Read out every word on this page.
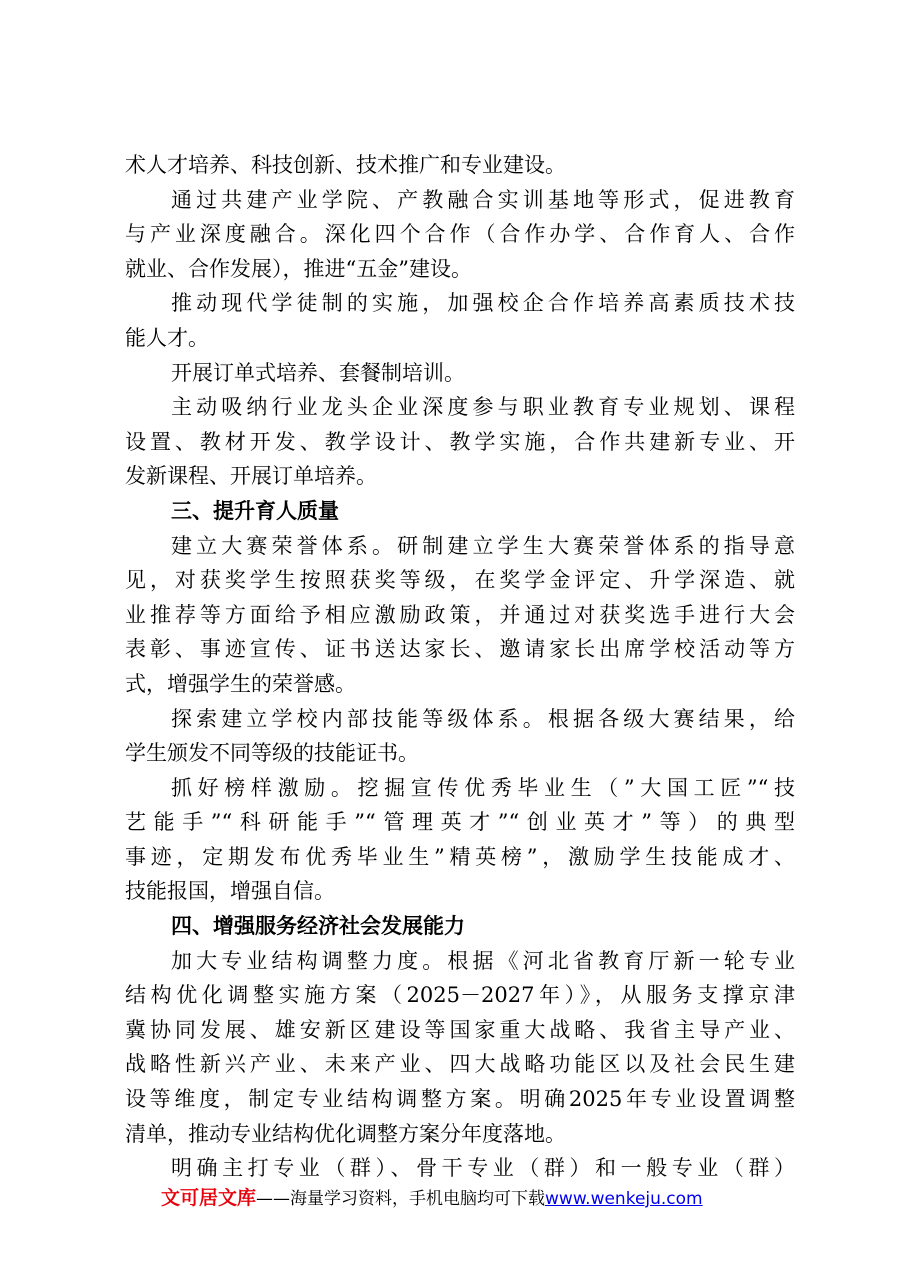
术人才培养、科技创新、技术推广和专业建设。
通过共建产业学院、产教融合实训基地等形式，促进教育
与产业深度融合。深化四个合作（合作办学、合作育人、合作
就业、合作发展），推进“五金”建设。
推动现代学徒制的实施，加强校企合作培养高素质技术技
能人才。
开展订单式培养、套餐制培训。
主动吸纳行业龙头企业深度参与职业教育专业规划、课程
设置、教材开发、教学设计、教学实施，合作共建新专业、开
发新课程、开展订单培养。
三、提升育人质量
建立大赛荣誉体系。研制建立学生大赛荣誉体系的指导意
见，对获奖学生按照获奖等级，在奖学金评定、升学深造、就
业推荐等方面给予相应激励政策，并通过对获奖选手进行大会
表彰、事迹宣传、证书送达家长、邀请家长出席学校活动等方
式，增强学生的荣誉感。
探索建立学校内部技能等级体系。根据各级大赛结果，给
学生颁发不同等级的技能证书。
抓好榜样激励。挖掘宣传优秀毕业生（”大国工匠”“技
艺能手”“科研能手”“管理英才”“创业英才”等）的典型
事迹，定期发布优秀毕业生”精英榜”，激励学生技能成才、
技能报国，增强自信。
四、增强服务经济社会发展能力
加大专业结构调整力度。根据《河北省教育厅新一轮专业
结构优化调整实施方案（2025－2027年）》，从服务支撑京津
冀协同发展、雄安新区建设等国家重大战略、我省主导产业、
战略性新兴产业、未来产业、四大战略功能区以及社会民生建
设等维度，制定专业结构调整方案。明确2025年专业设置调整
清单，推动专业结构优化调整方案分年度落地。
明确主打专业（群）、骨干专业（群）和一般专业（群）
文可居文库——海量学习资料，手机电脑均可下载www.wenkeju.com
